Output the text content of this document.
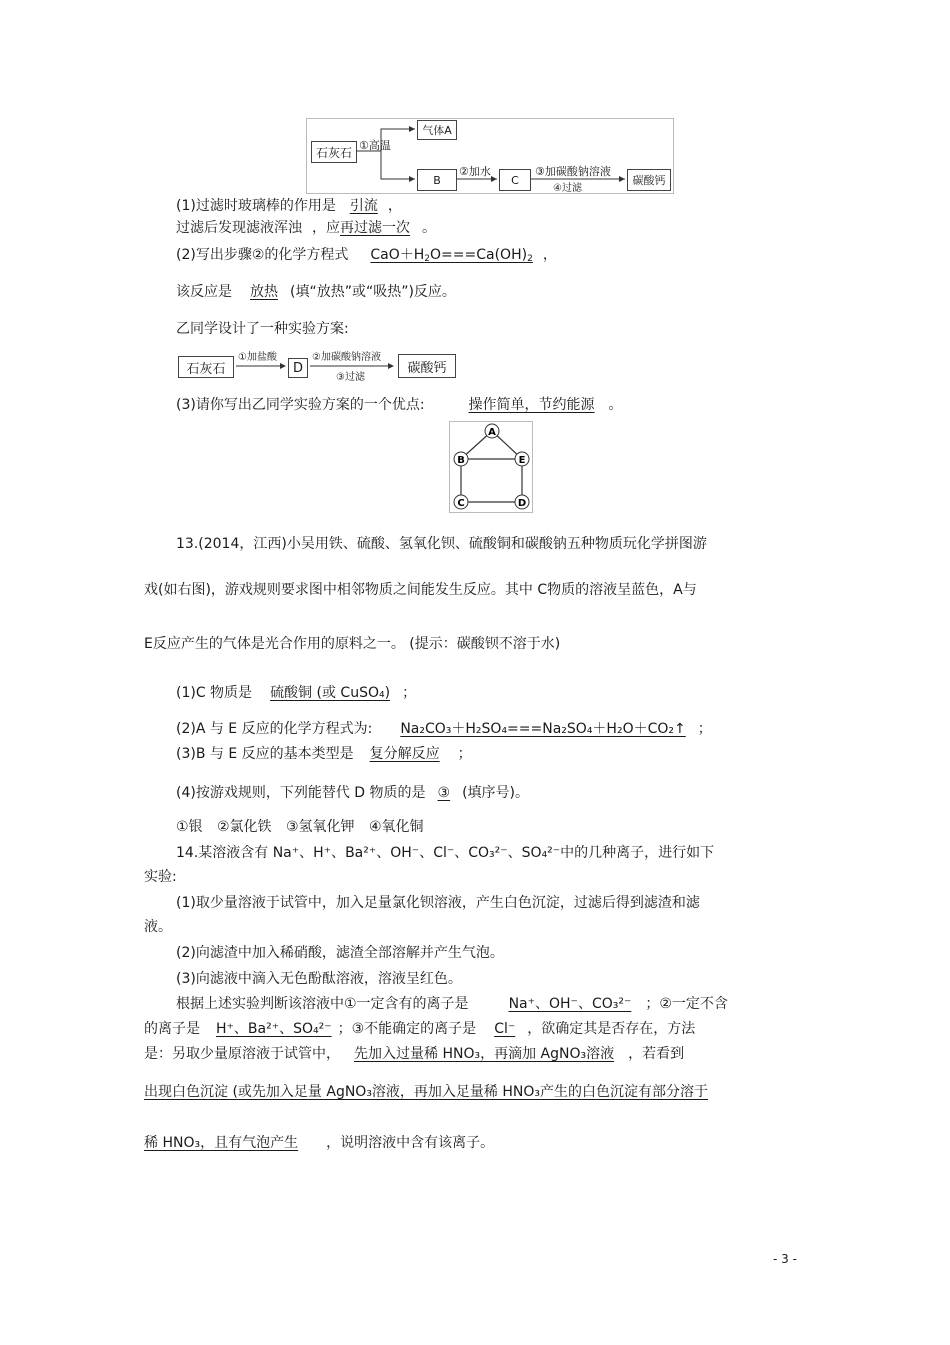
石灰石 ①高温
气体A
B
②加水
C
③加碳酸钠溶液
④过滤
碳酸钙
(1)过滤时玻璃棒的作用是 引流 ，
过滤后发现滤液浑浊 ，应再过滤一次 。
(2)写出步骤②的化学方程式 $CaO+H_2O===Ca(OH)_2$ ，
该反应是 放热 (填“放热”或“吸热”)反应。
乙同学设计了一种实验方案:
石灰石
①加盐酸
D
②加碳酸钠溶液
③过滤
碳酸钙
(3)请你写出乙同学实验方案的一个优点:	操作简单，节约能源 。
A
B	E
C	D
13.(2014，江西)小吴用铁、硫酸、氢氧化钡、硫酸铜和碳酸钠五种物质玩化学拼图游
戏(如右图)，游戏规则要求图中相邻物质之间能发生反应。其中 C物质的溶液呈蓝色，A与
E反应产生的气体是光合作用的原料之一。 (提示：碳酸钡不溶于水)
(1)C 物质是 硫酸铜 (或 CuSO₄) ；
(2)A 与 E 反应的化学方程式为: Na₂CO₃＋H₂SO₄===Na₂SO₄＋H₂O＋CO₂↑ ；
(3)B 与 E 反应的基本类型是 复分解反应 ；
(4)按游戏规则，下列能替代 D 物质的是 ③ (填序号)。
①银 ②氯化铁 ③氢氧化钾 ④氧化铜
14.某溶液含有 Na⁺、H⁺、Ba²⁺、OH⁻、Cl⁻、CO₃²⁻、SO₄²⁻中的几种离子，进行如下
实验:
(1)取少量溶液于试管中，加入足量氯化钡溶液，产生白色沉淀，过滤后得到滤渣和滤
液。
(2)向滤渣中加入稀硝酸，滤渣全部溶解并产生气泡。
(3)向滤液中滴入无色酚酞溶液，溶液呈红色。
根据上述实验判断该溶液中①一定含有的离子是	Na⁺、OH⁻、CO₃²⁻ ；②一定不含
的离子是 H⁺、Ba²⁺、SO₄²⁻ ；③不能确定的离子是 Cl⁻ ，欲确定其是否存在，方法
是：另取少量原溶液于试管中， 先加入过量稀 HNO₃，再滴加 AgNO₃溶液 ，若看到
出现白色沉淀 (或先加入足量 AgNO₃溶液，再加入足量稀 HNO₃产生的白色沉淀有部分溶于
稀 HNO₃，且有气泡产生 ，说明溶液中含有该离子。
- 3 -
